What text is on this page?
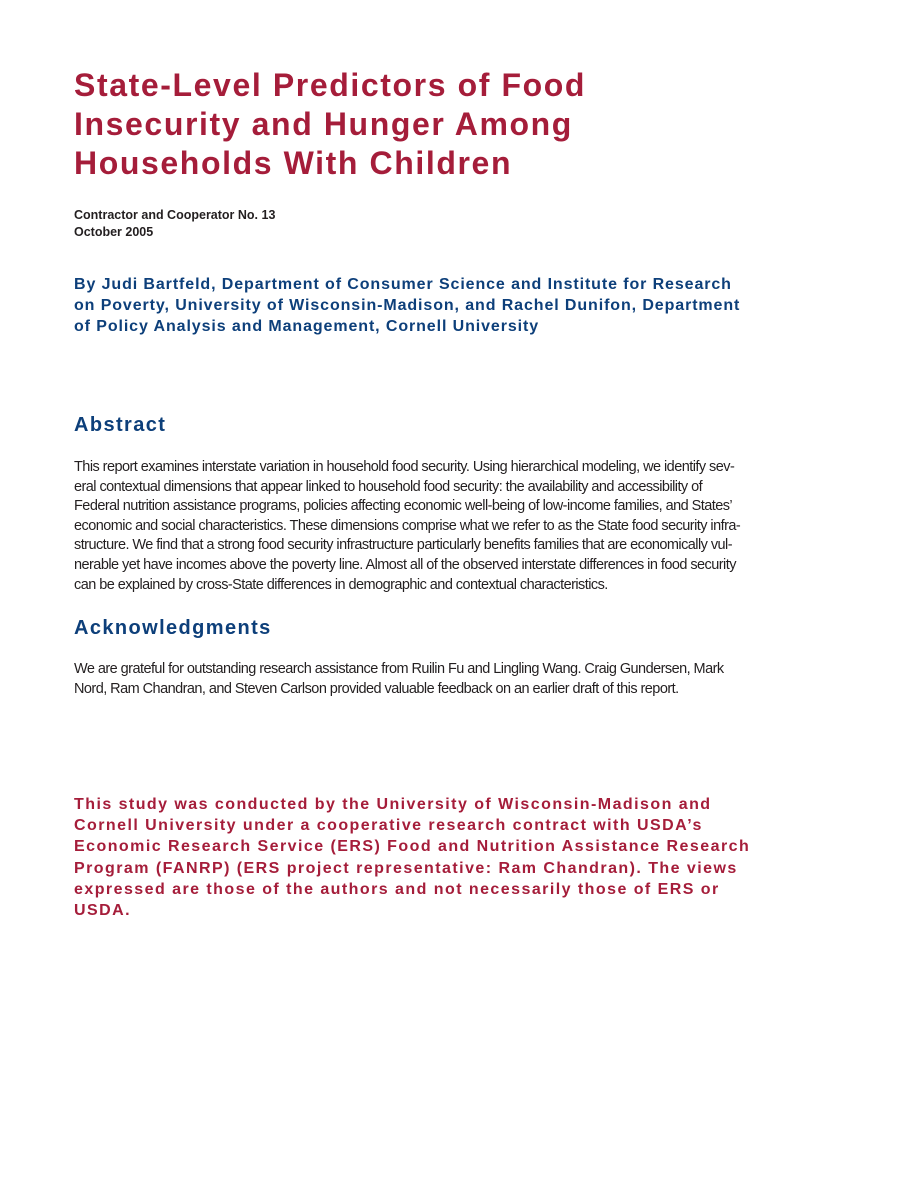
State-Level Predictors of Food
Insecurity and Hunger Among
Households With Children
Contractor and Cooperator No. 13
October 2005
By Judi Bartfeld, Department of Consumer Science and Institute for Research
on Poverty, University of Wisconsin-Madison, and Rachel Dunifon, Department
of Policy Analysis and Management, Cornell University
Abstract
This report examines interstate variation in household food security. Using hierarchical modeling, we identify sev-
eral contextual dimensions that appear linked to household food security: the availability and accessibility of
Federal nutrition assistance programs, policies affecting economic well-being of low-income families, and States’
economic and social characteristics. These dimensions comprise what we refer to as the State food security infra-
structure. We find that a strong food security infrastructure particularly benefits families that are economically vul-
nerable yet have incomes above the poverty line. Almost all of the observed interstate differences in food security
can be explained by cross-State differences in demographic and contextual characteristics.
Acknowledgments
We are grateful for outstanding research assistance from Ruilin Fu and Lingling Wang. Craig Gundersen, Mark
Nord, Ram Chandran, and Steven Carlson provided valuable feedback on an earlier draft of this report.
This study was conducted by the University of Wisconsin-Madison and
Cornell University under a cooperative research contract with USDA’s
Economic Research Service (ERS) Food and Nutrition Assistance Research
Program (FANRP) (ERS project representative: Ram Chandran). The views
expressed are those of the authors and not necessarily those of ERS or
USDA.
